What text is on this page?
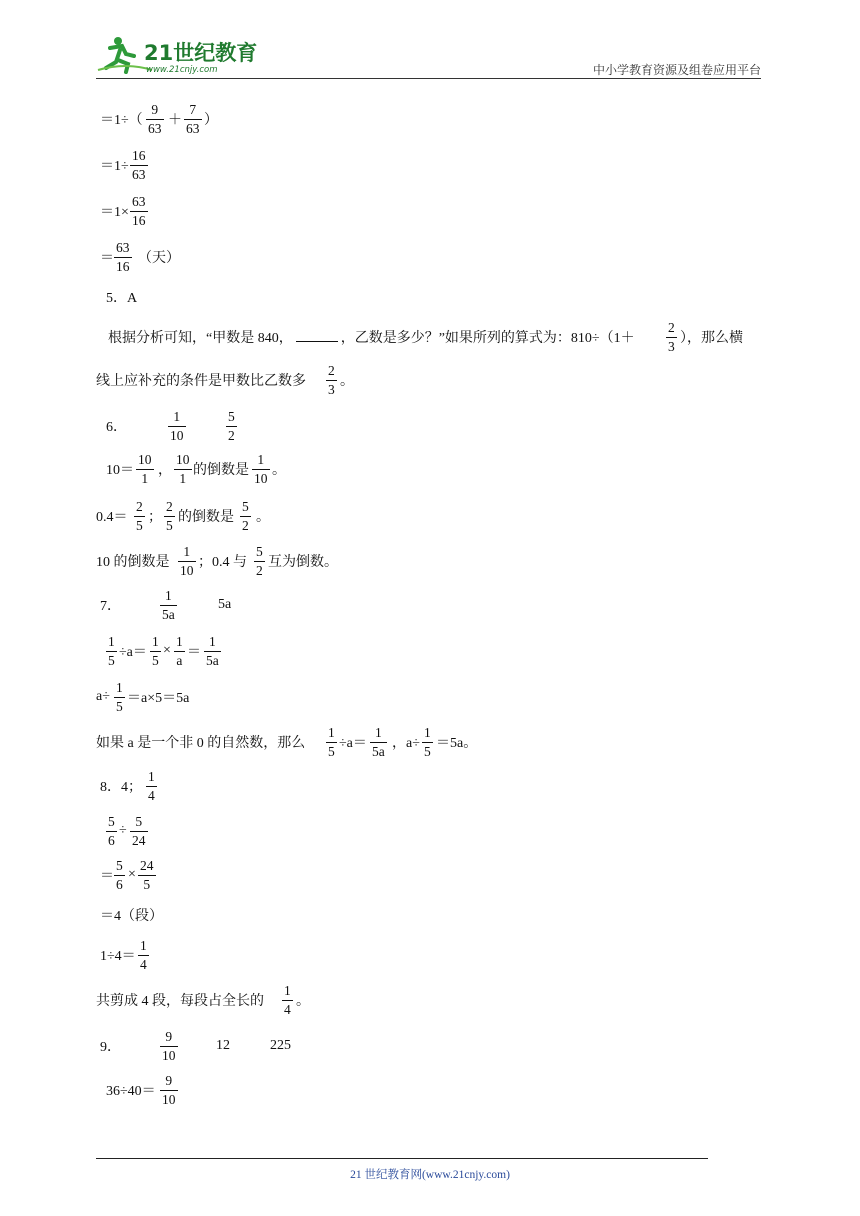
21世纪教育
www.21cnjy.com	中小学教育资源及组卷应用平台
＝1÷（
9
63 ＋
7
63 ）
＝1÷
16
63
＝1×
63
16
＝
63
16 （天）
5．A
根据分析可知，“甲数是 840，	，乙数是多少？”如果所列的算式为：810÷（1＋
2
3 ），那么横
线上应补充的条件是甲数比乙数多
2
3 。
6．
1
10
5
2
10＝
10
1 ，
10
1 的倒数是
1
10 。
0.4＝
2
5 ；
2
5 的倒数是
5
2 。
10 的倒数是
1
10 ；0.4 与
5
2 互为倒数。
7．
1
5a
5a
1
5 ÷a＝
1
5
×
1
a ＝
1
5a
a÷
1
5 ＝a×5＝5a
如果 a 是一个非 0 的自然数，那么
1
5 ÷a＝
1
5a ，a÷
1
5 ＝5a。
8．4；
1
4
5
6
÷
5
24
＝
5
6
×
24
5
＝4（段）
1÷4＝
1
4
共剪成 4 段，每段占全长的
1
4 。
9．
9
10
12	225
36÷40＝
9
10
21 世纪教育网(www.21cnjy.com)
